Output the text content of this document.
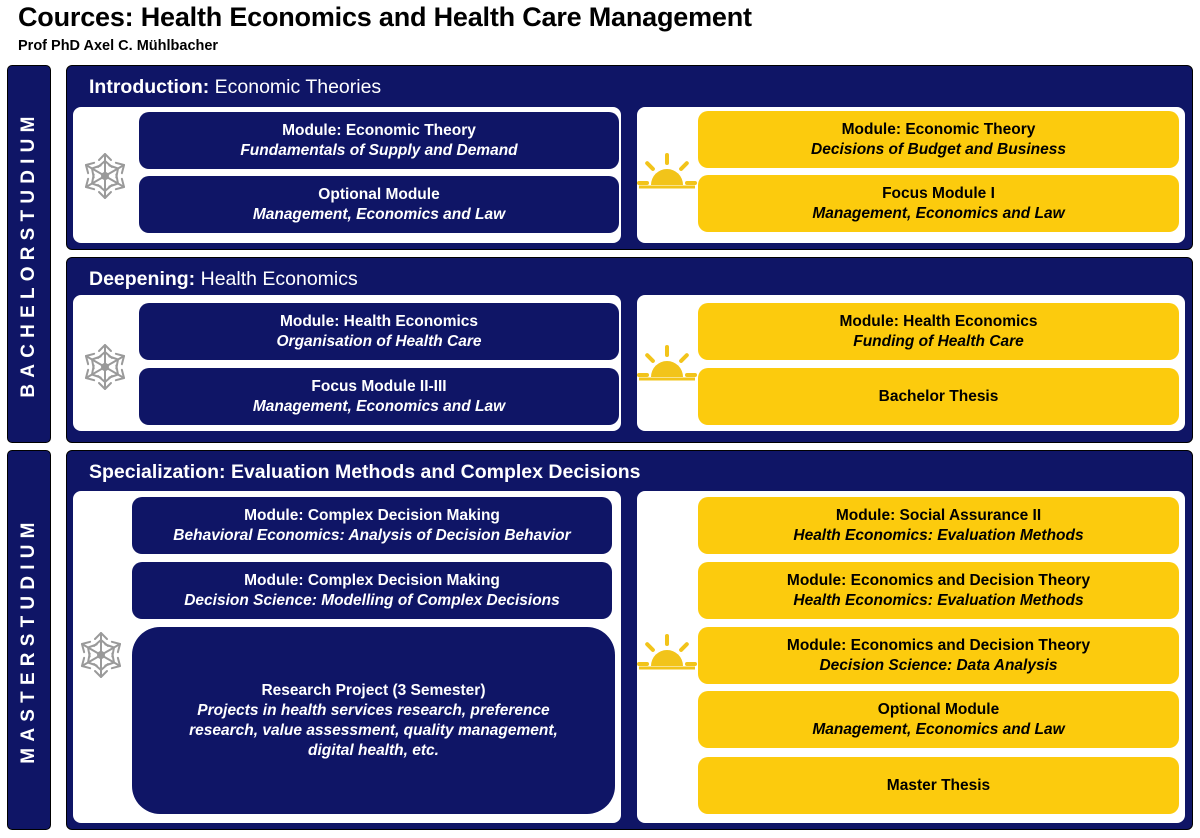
Cources: Health Economics and Health Care Management
Prof PhD Axel C. Mühlbacher
BACHELORSTUDIUM
MASTERSTUDIUM
Introduction: Economic Theories
Module: Economic Theory
Fundamentals of Supply and Demand
Optional Module
Management, Economics and Law
Module: Economic Theory
Decisions of Budget and Business
Focus Module I
Management, Economics and Law
Deepening: Health Economics
Module: Health Economics
Organisation of Health Care
Focus Module II-III
Management, Economics and Law
Module: Health Economics
Funding of Health Care
Bachelor Thesis
Specialization: Evaluation Methods and Complex Decisions
Module: Complex Decision Making
Behavioral Economics: Analysis of Decision Behavior
Module: Complex Decision Making
Decision Science: Modelling of Complex Decisions
Research Project (3 Semester)
Projects in health services research, preference research, value assessment, quality management, digital health, etc.
Module: Social Assurance II
Health Economics: Evaluation Methods
Module: Economics and Decision Theory
Health Economics: Evaluation Methods
Module: Economics and Decision Theory
Decision Science: Data Analysis
Optional Module
Management, Economics and Law
Master Thesis
